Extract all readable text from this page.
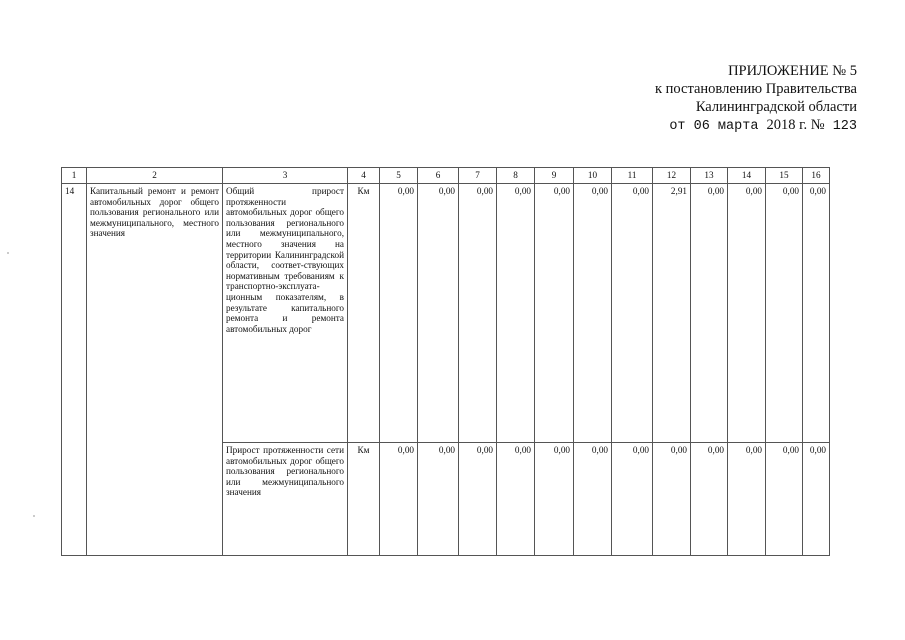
ПРИЛОЖЕНИЕ № 5
к постановлению Правительства
Калининградской области
от 06 марта 2018 г. № 123
1	2	3	4	5	6	7	8	9	10	11	12	13	14	15	16
14	Капитальный ремонт и ремонт автомобильных дорог общего пользования регионального или межмуниципального, местного значения	Общий прирост протяженности автомобильных дорог общего пользования регионального или межмуниципального, местного значения на территории Калининградской области, соответ-ствующих нормативным требованиям к транспортно-эксплуата-ционным показателям, в результате капитального ремонта и ремонта автомобильных дорог	Км	0,00	0,00	0,00	0,00	0,00	0,00	0,00	2,91	0,00	0,00	0,00	0,00
		Прирост протяженности сети автомобильных дорог общего пользования регионального или межмуниципального значения	Км	0,00	0,00	0,00	0,00	0,00	0,00	0,00	0,00	0,00	0,00	0,00	0,00
